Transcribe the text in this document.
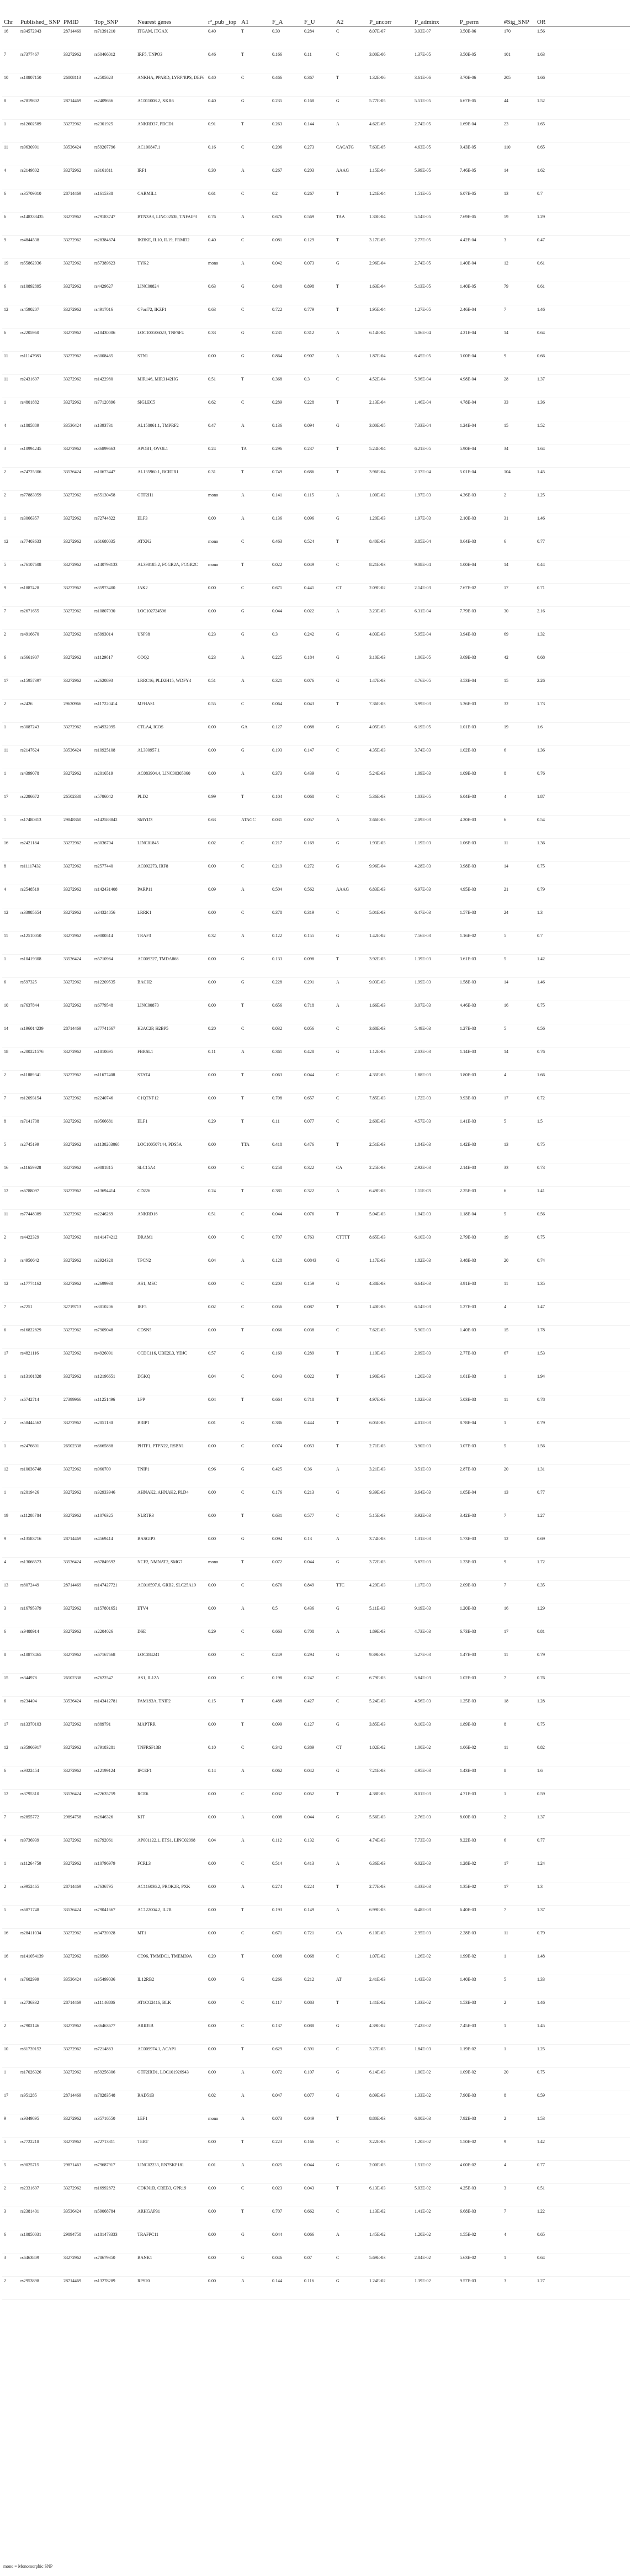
Chr	Published_ SNP	PMID	Top_SNP	Nearest genes	r²_pub _top	A1	F_A	F_U	A2	P_uncorr	P_adminx	P_perm	#Sig_SNP	OR
16	rs34572943	28714469	rs71391210	ITGAM, ITGAX	0.40	T	0.30	0.284	C	8.07E-07	3.93E-07	3.50E-06	170	1.56
7	rs7377467	33272962	rs60466012	IRF5, TNPO3	0.46	T	0.166	0.11	C	3.00E-06	1.37E-05	3.50E-05	101	1.63
10	rs10807150	26808113	rs2505623	ANKHA, PPARD, LYRP/RPS, DEF6	0.40	C	0.466	0.367	T	1.32E-06	3.61E-06	3.70E-06	205	1.66
8	rs7819802	28714469	rs2409666	AC011008.2, XKR6	0.40	G	0.235	0.168	G	5.77E-05	5.51E-05	6.67E-05	44	1.52
1	rs12602589	33272962	rs2301925	ANKRD37, PDCD1	0.91	T	0.263	0.144	A	4.62E-05	2.74E-05	1.69E-04	23	1.65
11	rs9630991	33536424	rs59207796	AC100847.1	0.16	C	0.206	0.273	CACATG	7.63E-05	4.63E-05	9.43E-05	110	0.65
4	rs2149802	33272962	rs3161811	IRF1	0.30	A	0.267	0.203	AAAG	1.15E-04	5.99E-05	7.46E-05	14	1.62
6	rs35709010	28714469	rs1615338	CARMIL1	0.61	C	0.2	0.267	T	1.21E-04	1.51E-05	6.07E-05	13	0.7
6	rs148333435	33272962	rs79183747	BTN3A3, LINC02538, TNFAIP3	0.76	A	0.676	0.569	TAA	1.30E-04	5.14E-05	7.69E-05	59	1.29
9	rs4844538	33272962	rs28384674	IKBKE, IL10, IL19, FRMD2	0.40	C	0.081	0.129	T	3.17E-05	2.77E-05	4.42E-04	3	0.47
19	rs55862936	33272962	rs57389623	TYK2	mono	A	0.042	0.073	G	2.96E-04	2.74E-05	1.40E-04	12	0.61
6	rs10892895	33272962	rs4429627	LINC00824	0.63	G	0.848	0.898	T	1.63E-04	5.13E-05	1.40E-05	79	0.61
12	rs4590207	33272962	rs4917016	C7orf72, IKZF1	0.63	C	0.722	0.779	T	1.95E-04	1.27E-05	2.46E-04	7	1.46
6	rs2205960	33272962	rs10430006	LOC100506023, TNFSF4	0.33	G	0.231	0.312	A	6.14E-04	5.06E-04	4.21E-04	14	0.64
11	rs11147983	33272962	rs3008465	STN1	0.00	G	0.864	0.907	A	1.87E-04	6.45E-05	3.00E-04	9	0.66
11	rs2431697	33272962	rs1422980	MIR146, MIR3142HG	0.51	T	0.368	0.3	C	4.52E-04	5.96E-04	4.98E-04	28	1.37
1	rs4801882	33272962	rs77120896	SIGLEC5	0.62	C	0.289	0.228	T	2.13E-04	1.46E-04	4.78E-04	33	1.36
4	rs1885889	33536424	rs1393731	AL158061.1, TMPRF2	0.47	A	0.136	0.094	G	3.00E-05	7.33E-04	1.24E-04	15	1.52
3	rs10994245	33272962	rs36899663	APOB1, OVOL1	0.24	TA	0.296	0.237	T	5.24E-04	6.21E-05	5.90E-04	34	1.64
2	rs74725306	33536424	rs10673447	AL135960.1, BCRTR1	0.31	T	0.749	0.686	T	3.96E-04	2.37E-04	5.01E-04	104	1.45
2	rs77883959	33272962	rs55130458	GTF2H1	mono	A	0.141	0.115	A	1.00E-02	1.97E-03	4.36E-03	2	1.25
1	rs3066357	33272962	rs72744822	ELF3	0.00	A	0.136	0.096	G	1.20E-03	1.97E-03	2.10E-03	31	1.46
12	rs77403633	33272962	rs61680035	ATXN2	mono	C	0.463	0.524	T	8.40E-03	3.85E-04	8.64E-03	6	0.77
5	rs76107608	33272962	rs140793133	AL390185.2, FCGR2A, FCGR2C	mono	T	0.022	0.049	C	8.21E-03	9.08E-04	1.00E-04	14	0.44
9	rs1887428	33272962	rs35973400	JAK2	0.00	C	0.671	0.441	CT	2.09E-02	2.14E-03	7.67E-02	17	0.71
7	rs2671655	33272962	rs10807030	LOC102724596	0.00	G	0.044	0.022	A	3.23E-03	6.31E-04	7.79E-03	30	2.16
2	rs4916670	33272962	rs5993014	USP38	0.23	G	0.3	0.242	G	4.03E-03	5.95E-04	3.94E-03	69	1.32
6	rs6661907	33272962	rs1129617	COQ2	0.23	A	0.225	0.184	G	3.10E-03	1.06E-05	3.69E-03	42	0.68
17	rs15957397	33272962	rs2620893	LRRC16, PLD2H15, WDFY4	0.51	A	0.321	0.076	G	1.47E-03	4.76E-05	3.53E-04	15	2.26
2	rs2426	29620966	rs117220414	MFHAS1	0.55	C	0.064	0.043	T	7.36E-03	3.99E-03	5.36E-03	32	1.73
1	rs3087243	33272962	rs34932095	CTLA4, ICOS	0.00	GA	0.127	0.088	G	4.05E-03	6.19E-05	1.01E-03	19	1.6
11	rs2147624	33536424	rs10925108	AL390957.1	0.00	G	0.193	0.147	C	4.35E-03	3.74E-03	1.02E-03	6	1.36
1	rs4399078	33272962	rs2016519	AC083904.4, LINC00305060	0.00	A	0.373	0.439	G	5.24E-03	1.09E-03	1.09E-03	8	0.76
17	rs2286672	26502338	rs5786042	PLD2	0.99	T	0.104	0.068	C	5.36E-03	1.03E-05	6.04E-03	4	1.87
1	rs17480813	29848360	rs142583842	SMYD3	0.63	ATAGC	0.031	0.057	A	2.66E-03	2.09E-03	4.20E-03	6	0.54
16	rs2421184	33272962	rs3036704	LINC01845	0.02	C	0.217	0.169	G	1.93E-03	1.19E-03	1.06E-03	11	1.36
8	rs11117432	33272962	rs2577440	AC092273, IRF8	0.00	C	0.219	0.272	G	9.96E-04	4.28E-03	3.98E-03	14	0.75
4	rs2548519	33272962	rs142431408	PARP11	0.09	A	0.504	0.562	AAAG	6.83E-03	6.97E-03	4.95E-03	21	0.79
12	rs33985654	33272962	rs34324856	LRRK1	0.00	C	0.378	0.319	C	5.01E-03	6.47E-03	1.57E-03	24	1.3
11	rs12510050	33272962	rs9000514	TRAF3	0.32	A	0.122	0.155	G	1.42E-02	7.56E-03	1.16E-02	5	0.7
1	rs10419308	33536424	rs5710964	AC009327, TMDA868	0.00	G	0.133	0.098	T	3.92E-03	1.39E-03	3.61E-03	5	1.42
6	rs597325	33272962	rs12209535	BACH2	0.00	G	0.228	0.291	A	9.03E-03	1.99E-03	1.58E-03	14	1.46
10	rs7637844	33272962	rs6779548	LINC00870	0.00	T	0.656	0.718	A	1.66E-03	3.07E-03	4.46E-03	16	0.75
14	rs196014239	28714469	rs77741667	H2AC2P, H2BP5	0.20	C	0.032	0.056	C	3.68E-03	5.49E-03	1.27E-03	5	0.56
18	rs200221576	33272962	rs1810695	FBRSL1	0.11	A	0.361	0.428	G	1.12E-03	2.03E-03	1.14E-03	14	0.76
2	rs11889341	33272962	rs11677408	STAT4	0.00	T	0.063	0.044	C	4.35E-03	1.88E-03	3.80E-03	4	1.66
7	rs12093154	33272962	rs2240746	C1QTNF12	0.00	T	0.708	0.657	C	7.85E-03	1.72E-03	9.93E-03	17	0.72
8	rs7141708	33272962	rs9566681	ELF1	0.29	T	0.11	0.077	C	2.60E-03	4.57E-03	1.41E-03	5	1.5
5	rs2745199	33272962	rs1130203068	LOC100507144, PDS5A	0.00	TTA	0.418	0.476	T	2.51E-03	1.84E-03	1.42E-03	13	0.75
16	rs11659928	33272962	rs9081815	SLC15A4	0.00	C	0.258	0.322	CA	2.25E-03	2.92E-03	2.14E-03	33	0.73
12	rs6788097	33272962	rs13694414	CD226	0.24	T	0.381	0.322	A	6.49E-03	1.11E-03	2.25E-03	6	1.41
11	rs77448389	33272962	rs2246269	ANKRD16	0.51	C	0.044	0.076	T	5.04E-03	1.04E-03	1.18E-04	5	0.56
2	rs4422329	33272962	rs141474212	DRAM1	0.00	C	0.707	0.763	CTTTT	8.65E-03	6.10E-03	2.79E-03	19	0.75
3	rs4950642	33272962	rs2924320	TPCN2	0.04	A	0.128	0.0843	G	1.17E-03	1.82E-03	3.48E-03	20	0.74
12	rs17774162	33272962	rs2699930	AS1, MSC	0.00	C	0.203	0.159	G	4.38E-03	6.64E-03	3.91E-03	11	1.35
7	rs7251	32719713	rs3010206	IRF5	0.02	C	0.056	0.087	T	1.40E-03	6.14E-03	1.27E-03	4	1.47
6	rs16822829	33272962	rs7909048	CDSN5	0.00	T	0.066	0.038	C	7.62E-03	5.90E-03	1.40E-03	15	1.78
17	rs4821116	33272962	rs4926091	CCDC116, UBE2L3, YDJC	0.57	G	0.169	0.289	T	1.10E-03	2.09E-03	2.77E-03	67	1.53
1	rs13101828	33272962	rs12196651	DGKQ	0.04	C	0.043	0.022	T	1.90E-03	1.20E-03	1.61E-03	1	1.94
7	rs6742714	27399966	rs11251496	LPP	0.04	T	0.664	0.718	T	4.97E-03	1.02E-03	5.03E-03	11	0.78
2	rs58444562	33272962	rs2051130	BRIP1	0.01	G	0.386	0.444	T	6.05E-03	4.01E-03	8.78E-04	1	0.79
1	rs2476601	26502338	rs6665888	PHTF1, PTPN22, RSBN1	0.00	C	0.074	0.053	T	2.71E-03	3.90E-03	3.07E-03	5	1.56
12	rs10036748	33272962	rs960709	TNIP1	0.96	G	0.425	0.36	A	3.21E-03	3.51E-03	2.87E-03	20	1.31
1	rs2019426	33272962	rs32933946	AHNAK2, AHNAK2, PLD4	0.00	C	0.176	0.213	G	9.39E-03	3.64E-03	1.05E-04	13	0.77
19	rs11208784	33272962	rs1076325	NLRTR3	0.00	T	0.631	0.577	C	5.15E-03	3.92E-03	3.42E-03	7	1.27
9	rs13583716	28714469	rs4569414	BASGIP3	0.00	G	0.094	0.13	A	3.74E-03	1.31E-03	1.73E-03	12	0.69
4	rs13066573	33536424	rs67849592	NCF2, NMNAT2, SMG7	mono	T	0.072	0.044	G	3.72E-03	5.87E-03	1.33E-03	9	1.72
13	rs8072449	28714469	rs147427721	AC016597.6, GRB2, SLC25A19	0.00	C	0.676	0.849	TTC	4.29E-03	1.17E-03	2.09E-03	7	0.35
3	rs16795379	33272962	rs157801651	ETV4	0.00	A	0.5	0.436	G	5.11E-03	9.19E-03	1.20E-03	16	1.29
6	rs9488914	33272962	rs2204026	DSE	0.29	C	0.663	0.708	A	1.89E-03	4.73E-03	6.73E-03	17	0.81
8	rs10873465	33272962	rs67167668	LOC284241	0.00	C	0.249	0.294	G	9.39E-03	5.27E-03	1.47E-03	11	0.79
15	rs344978	26502338	rs7622547	AS1, IL12A	0.00	C	0.198	0.247	C	6.79E-03	5.84E-03	1.02E-03	7	0.76
6	rs234494	33536424	rs143412781	FAM193A, TNIP2	0.15	T	0.488	0.427	C	5.24E-03	4.56E-03	1.25E-03	18	1.28
17	rs13370103	33272962	rs889791	MAPTRR	0.00	T	0.099	0.127	G	3.85E-03	8.10E-03	1.89E-03	8	0.75
12	rs35966917	33272962	rs79183281	TNFRSF13B	0.10	C	0.342	0.389	CT	1.02E-02	1.00E-02	1.06E-02	11	0.82
6	rs9322454	33272962	rs12199124	IPCEF1	0.14	A	0.062	0.042	G	7.21E-03	4.95E-03	1.43E-03	8	1.6
12	rs3795310	33536424	rs72635759	RCE6	0.00	C	0.032	0.052	T	4.38E-03	8.01E-03	4.71E-03	1	0.59
7	rs2855772	29894758	rs2646326	KIT	0.00	A	0.008	0.044	G	5.56E-03	2.76E-03	8.00E-03	2	1.37
4	rs9736939	33272962	rs2792061	AP001122.1, ETS1, LINC02098	0.04	A	0.112	0.132	G	4.74E-03	7.73E-03	8.22E-03	6	0.77
1	rs11264750	33272962	rs10796979	FCRL3	0.00	C	0.514	0.413	A	6.36E-03	6.02E-03	1.28E-02	17	1.24
2	rs9952465	28714469	rs7636795	AC116036.2, PROK2R, PXK	0.00	A	0.274	0.224	T	2.77E-03	4.33E-03	1.35E-02	17	1.3
5	rs6871748	33536424	rs79041667	AC122004.2, IL7R	0.00	T	0.193	0.149	A	6.99E-03	6.48E-03	6.40E-03	7	1.37
16	rs28411034	33272962	rs34739028	MT1	0.00	C	0.671	0.721	CA	6.10E-03	2.95E-03	2.28E-03	11	0.79
16	rs141054139	33272962	rs20568	CD96, TMMDC1, TMEM39A	0.20	T	0.098	0.068	C	1.07E-02	1.26E-02	1.99E-02	1	1.48
4	rs7602999	33536424	rs35499036	IL12RB2	0.00	G	0.266	0.212	AT	2.41E-03	1.43E-03	1.40E-03	5	1.33
8	rs2736332	28714469	rs11146886	AT1CG2416, BLK	0.00	C	0.117	0.083	T	1.41E-02	1.33E-02	1.53E-03	2	1.46
2	rs7902146	33272962	rs36463677	ARID5B	0.00	C	0.137	0.088	G	4.39E-02	7.42E-02	7.45E-03	1	1.45
10	rs61739152	33272962	rs7214863	AC009974.1, ACAP1	0.00	T	0.629	0.391	C	3.27E-03	1.84E-03	1.19E-02	1	1.25
1	rs17026326	33272962	rs59256306	GTF2IRD1, LOC101926943	0.00	A	0.072	0.107	G	6.14E-03	1.00E-02	1.09E-02	20	0.75
17	rs951285	28714469	rs78283548	RAD51B	0.02	A	0.047	0.077	G	8.09E-03	1.33E-02	7.90E-03	8	0.59
9	rs9349895	33272962	rs35716550	LEF1	mono	A	0.073	0.049	T	8.80E-03	6.80E-03	7.92E-03	2	1.53
5	rs7722218	33272962	rs72713311	TERT	0.00	T	0.223	0.166	C	3.22E-03	1.20E-02	1.50E-02	9	1.42
5	rs9025715	29871463	rs79687917	LINC02233, RN7SKP181	0.01	A	0.025	0.044	G	2.00E-03	1.51E-02	4.00E-02	4	0.77
2	rs2331697	33272962	rs16992872	CDKN1B, CREB3, GPR19	0.00	C	0.023	0.043	T	6.13E-03	5.03E-02	4.25E-03	3	0.51
3	rs2381401	33536424	rs59068784	ARHGAP31	0.00	T	0.707	0.662	C	1.13E-02	1.41E-02	6.68E-03	7	1.22
6	rs10850031	29894758	rs181473333	TRAFPC11	0.00	G	0.044	0.066	A	1.45E-02	1.20E-02	1.55E-02	4	0.65
3	rs6463809	33272962	rs78679350	BANK1	0.00	G	0.046	0.07	C	5.69E-03	2.84E-02	5.63E-02	1	0.64
2	rs2953898	28714469	rs13278289	RPS20	0.00	A	0.144	0.116	G	1.24E-02	1.39E-02	9.57E-03	3	1.27
mono = Monomorphic SNP
